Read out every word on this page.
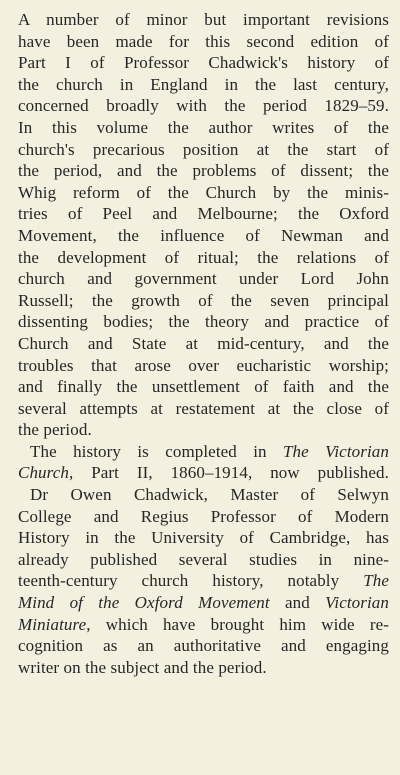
A number of minor but important revisions
have been made for this second edition of
Part I of Professor Chadwick's history of
the church in England in the last century,
concerned broadly with the period 1829–59.
In this volume the author writes of the
church's precarious position at the start of
the period, and the problems of dissent; the
Whig reform of the Church by the minis-
tries of Peel and Melbourne; the Oxford
Movement, the influence of Newman and
the development of ritual; the relations of
church and government under Lord John
Russell; the growth of the seven principal
dissenting bodies; the theory and practice of
Church and State at mid-century, and the
troubles that arose over eucharistic worship;
and finally the unsettlement of faith and the
several attempts at restatement at the close of
the period.
The history is completed in The Victorian
Church, Part II, 1860–1914, now published.
Dr Owen Chadwick, Master of Selwyn
College and Regius Professor of Modern
History in the University of Cambridge, has
already published several studies in nine-
teenth-century church history, notably The
Mind of the Oxford Movement and Victorian
Miniature, which have brought him wide re-
cognition as an authoritative and engaging
writer on the subject and the period.
